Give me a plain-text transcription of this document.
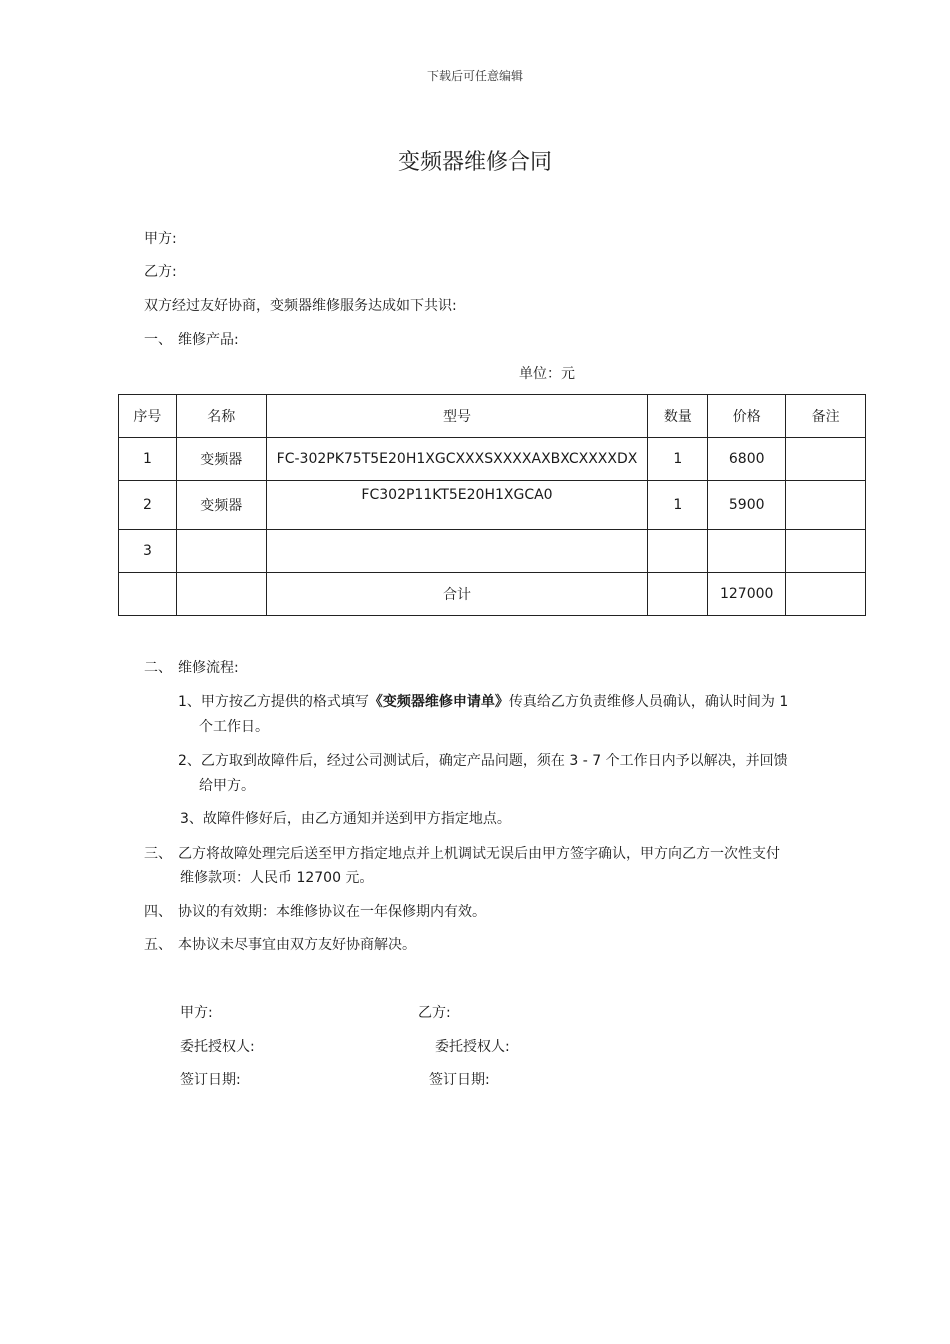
下载后可任意编辑
变频器维修合同
甲方:
乙方:
双方经过友好协商，变频器维修服务达成如下共识:
一、 维修产品:
单位：元
序号	名称	型号	数量	价格	备注
1	变频器	FC-302PK75T5E20H1XGCXXXSXXXXAXBXCXXXXDX	1	6800	
2	变频器	FC302P11KT5E20H1XGCA0	1	5900	
3					
		合计		127000	
二、 维修流程:
1、甲方按乙方提供的格式填写《变频器维修申请单》传真给乙方负责维修人员确认，确认时间为 1
个工作日。
2、乙方取到故障件后，经过公司测试后，确定产品问题，须在 3 - 7 个工作日内予以解决，并回馈
给甲方。
3、故障件修好后，由乙方通知并送到甲方指定地点。
三、 乙方将故障处理完后送至甲方指定地点并上机调试无误后由甲方签字确认，甲方向乙方一次性支付
维修款项：人民币 12700 元。
四、 协议的有效期：本维修协议在一年保修期内有效。
五、 本协议未尽事宜由双方友好协商解决。
甲方:	乙方:
委托授权人:	委托授权人:
签订日期:	签订日期:
